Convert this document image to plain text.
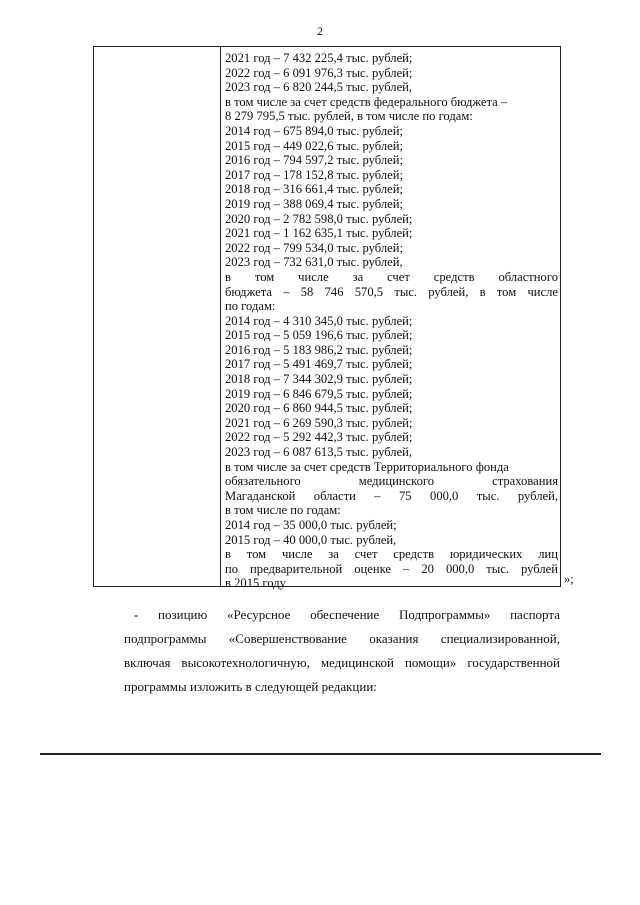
2
2021 год – 7 432 225,4 тыс. рублей;
2022 год – 6 091 976,3 тыс. рублей;
2023 год – 6 820 244,5 тыс. рублей,
в том числе за счет средств федерального бюджета –
8 279 795,5 тыс. рублей, в том числе по годам:
2014 год – 675 894,0 тыс. рублей;
2015 год – 449 022,6 тыс. рублей;
2016 год – 794 597,2 тыс. рублей;
2017 год – 178 152,8 тыс. рублей;
2018 год – 316 661,4 тыс. рублей;
2019 год – 388 069,4 тыс. рублей;
2020 год – 2 782 598,0 тыс. рублей;
2021 год – 1 162 635,1 тыс. рублей;
2022 год – 799 534,0 тыс. рублей;
2023 год – 732 631,0 тыс. рублей,
в том числе за счет средств областного
бюджета – 58 746 570,5 тыс. рублей, в том числе
по годам:
2014 год – 4 310 345,0 тыс. рублей;
2015 год – 5 059 196,6 тыс. рублей;
2016 год – 5 183 986,2 тыс. рублей;
2017 год – 5 491 469,7 тыс. рублей;
2018 год – 7 344 302,9 тыс. рублей;
2019 год – 6 846 679,5 тыс. рублей;
2020 год – 6 860 944,5 тыс. рублей;
2021 год – 6 269 590,3 тыс. рублей;
2022 год – 5 292 442,3 тыс. рублей;
2023 год – 6 087 613,5 тыс. рублей,
в том числе за счет средств Территориального фонда
обязательного медицинского страхования
Магаданской области – 75 000,0 тыс. рублей,
в том числе по годам:
2014 год – 35 000,0 тыс. рублей;
2015 год – 40 000,0 тыс. рублей,
в том числе за счет средств юридических лиц
по предварительной оценке – 20 000,0 тыс. рублей
в 2015 году	»;
- позицию «Ресурсное обеспечение Подпрограммы» паспорта
подпрограммы «Совершенствование оказания специализированной,
включая высокотехнологичную, медицинской помощи» государственной
программы изложить в следующей редакции:
